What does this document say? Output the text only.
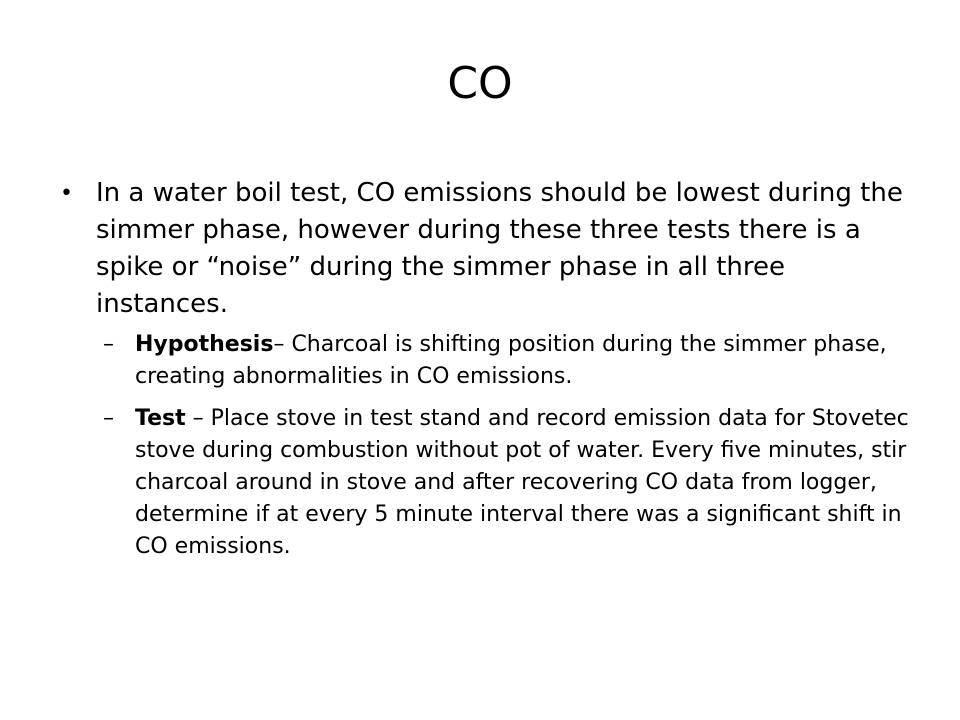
CO
• In a water boil test, CO emissions should be lowest during the simmer phase, however during these three tests there is a spike or “noise” during the simmer phase in all three instances.
– Hypothesis– Charcoal is shifting position during the simmer phase, creating abnormalities in CO emissions.
– Test – Place stove in test stand and record emission data for Stovetec stove during combustion without pot of water. Every five minutes, stir charcoal around in stove and after recovering CO data from logger, determine if at every 5 minute interval there was a significant shift in CO emissions.
